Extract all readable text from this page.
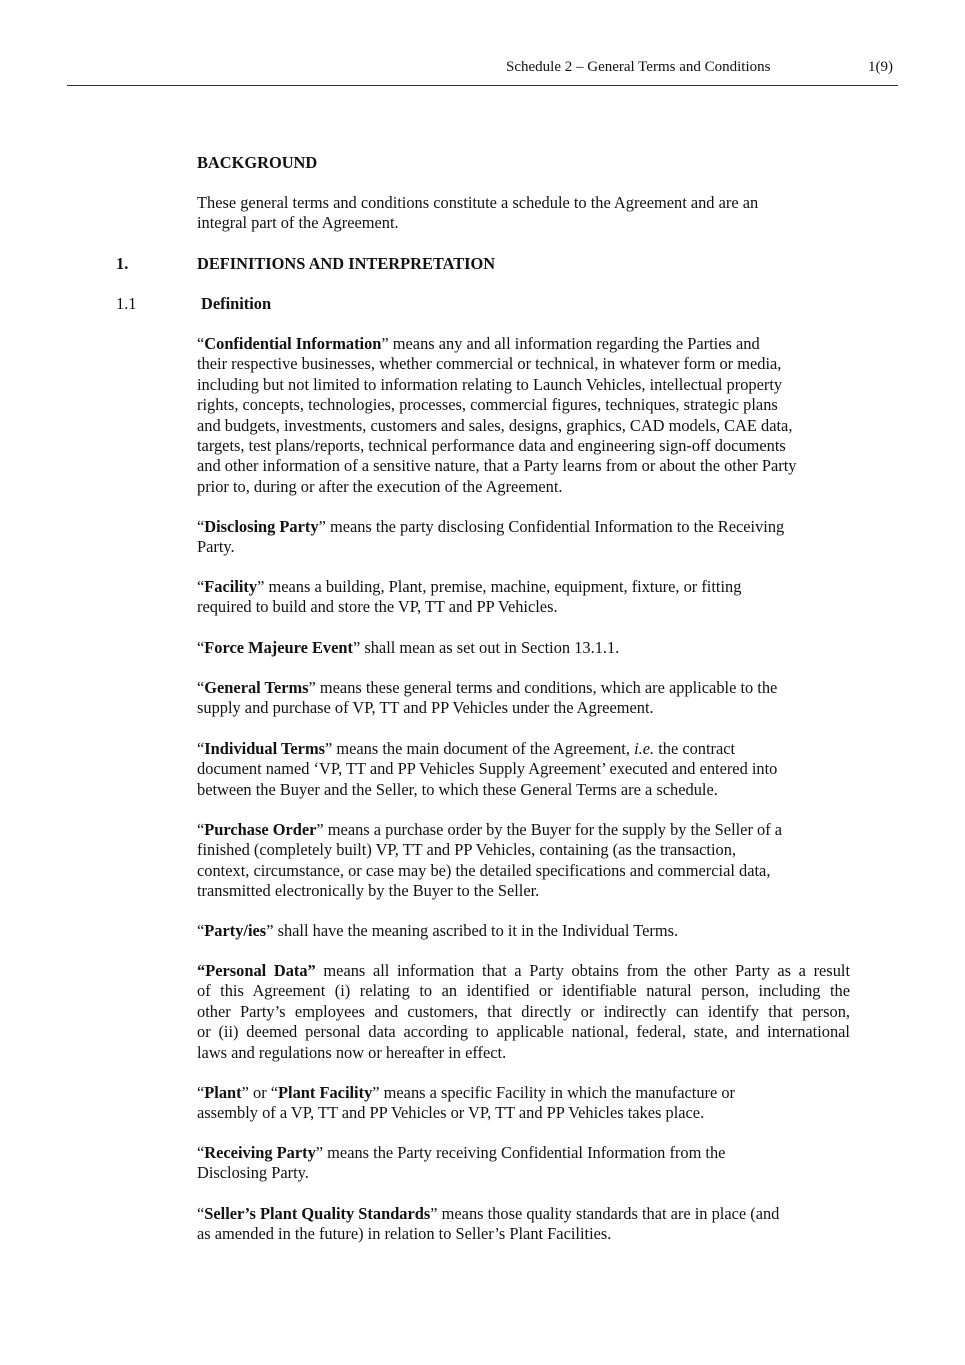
Schedule 2 – General Terms and Conditions	1(9)
BACKGROUND
These general terms and conditions constitute a schedule to the Agreement and are an
integral part of the Agreement.
1.	DEFINITIONS AND INTERPRETATION
1.1	Definition
“Confidential Information” means any and all information regarding the Parties and
their respective businesses, whether commercial or technical, in whatever form or media,
including but not limited to information relating to Launch Vehicles, intellectual property
rights, concepts, technologies, processes, commercial figures, techniques, strategic plans
and budgets, investments, customers and sales, designs, graphics, CAD models, CAE data,
targets, test plans/reports, technical performance data and engineering sign-off documents
and other information of a sensitive nature, that a Party learns from or about the other Party
prior to, during or after the execution of the Agreement.
“Disclosing Party” means the party disclosing Confidential Information to the Receiving
Party.
“Facility” means a building, Plant, premise, machine, equipment, fixture, or fitting
required to build and store the VP, TT and PP Vehicles.
“Force Majeure Event” shall mean as set out in Section 13.1.1.
“General Terms” means these general terms and conditions, which are applicable to the
supply and purchase of VP, TT and PP Vehicles under the Agreement.
“Individual Terms” means the main document of the Agreement, i.e. the contract
document named ‘VP, TT and PP Vehicles Supply Agreement’ executed and entered into
between the Buyer and the Seller, to which these General Terms are a schedule.
“Purchase Order” means a purchase order by the Buyer for the supply by the Seller of a
finished (completely built) VP, TT and PP Vehicles, containing (as the transaction,
context, circumstance, or case may be) the detailed specifications and commercial data,
transmitted electronically by the Buyer to the Seller.
“Party/ies” shall have the meaning ascribed to it in the Individual Terms.
“Personal Data” means all information that a Party obtains from the other Party as a result
of this Agreement (i) relating to an identified or identifiable natural person, including the
other Party’s employees and customers, that directly or indirectly can identify that person,
or (ii) deemed personal data according to applicable national, federal, state, and international
laws and regulations now or hereafter in effect.
“Plant” or “Plant Facility” means a specific Facility in which the manufacture or
assembly of a VP, TT and PP Vehicles or VP, TT and PP Vehicles takes place.
“Receiving Party” means the Party receiving Confidential Information from the
Disclosing Party.
“Seller’s Plant Quality Standards” means those quality standards that are in place (and
as amended in the future) in relation to Seller’s Plant Facilities.
